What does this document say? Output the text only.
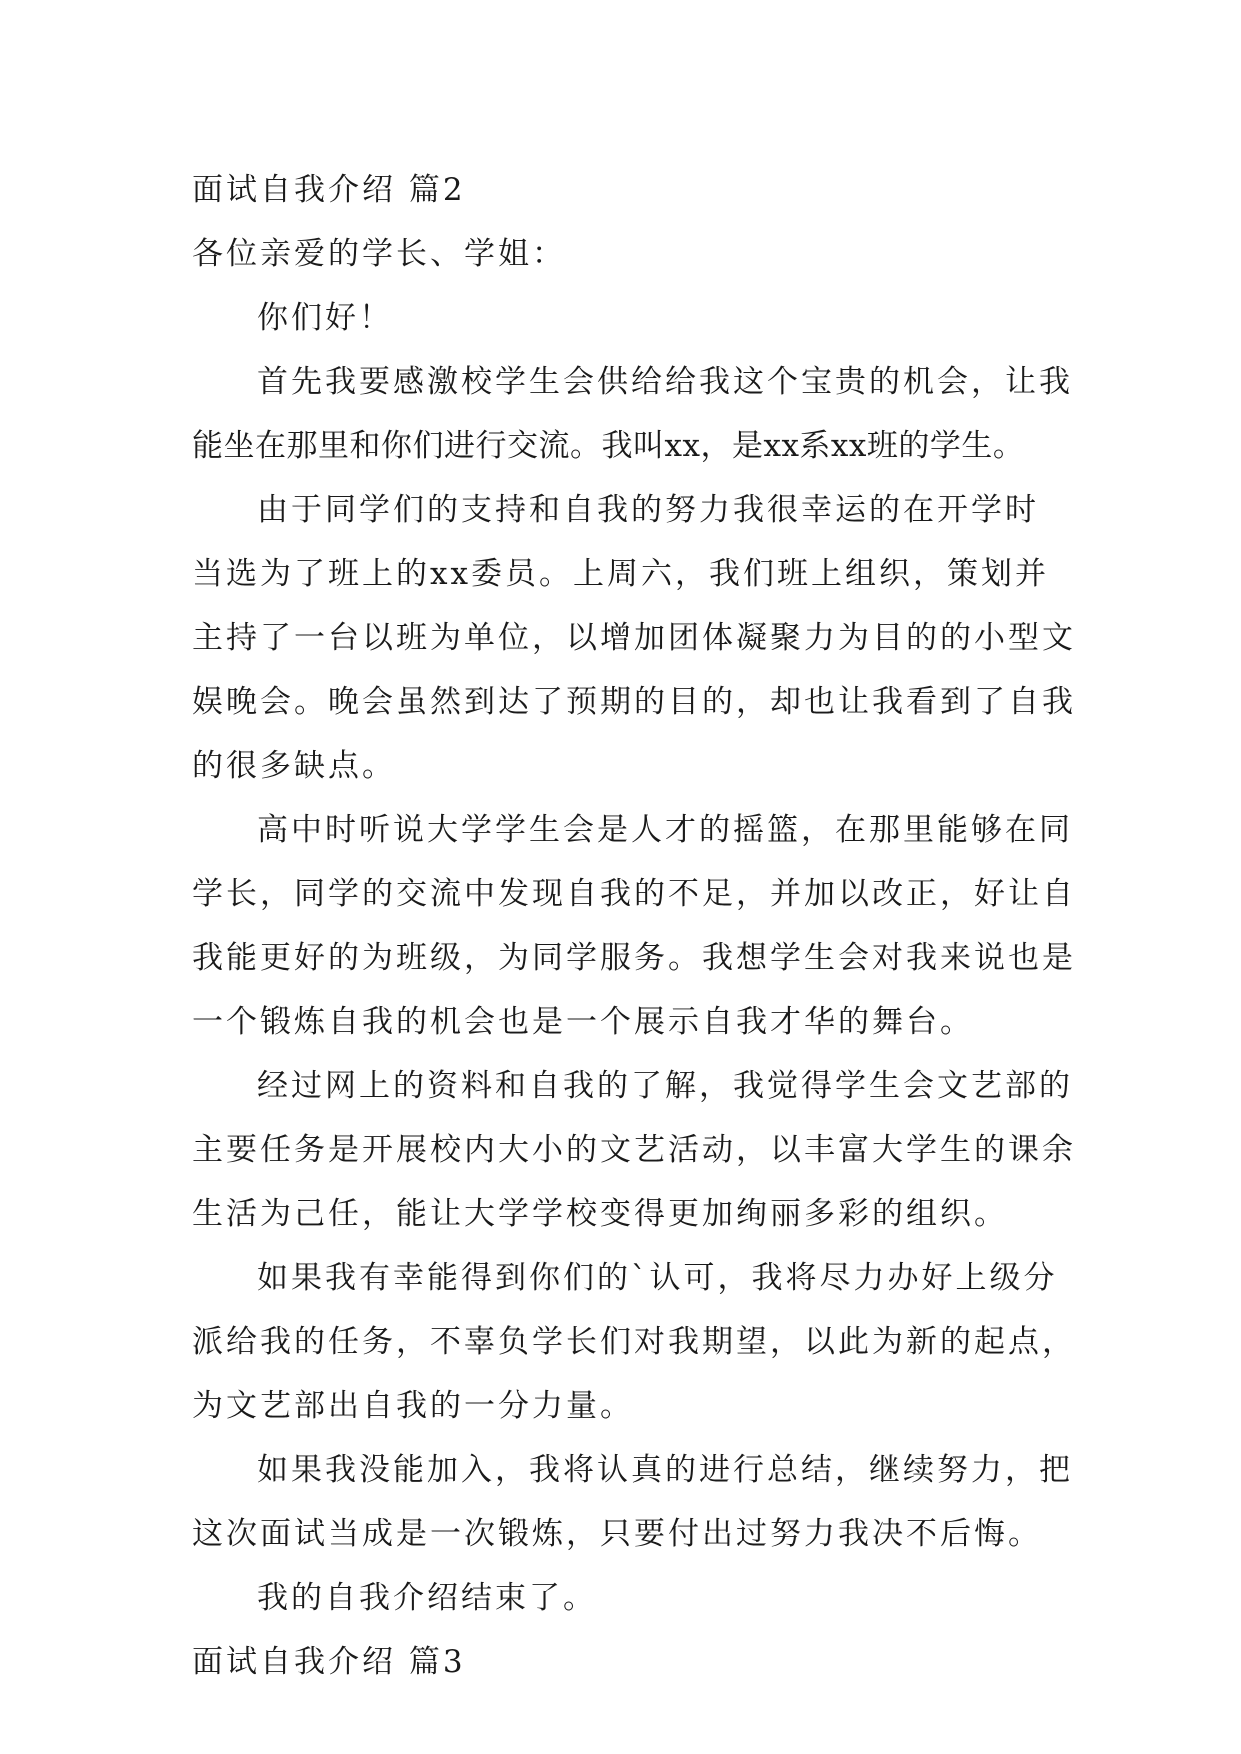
面试自我介绍 篇2
各位亲爱的学长、学姐：
你们好！
首先我要感激校学生会供给给我这个宝贵的机会，让我
能坐在那里和你们进行交流。我叫xx，是xx系xx班的学生。
由于同学们的支持和自我的努力我很幸运的在开学时
当选为了班上的xx委员。上周六，我们班上组织，策划并
主持了一台以班为单位，以增加团体凝聚力为目的的小型文
娱晚会。晚会虽然到达了预期的目的，却也让我看到了自我
的很多缺点。
高中时听说大学学生会是人才的摇篮，在那里能够在同
学长，同学的交流中发现自我的不足，并加以改正，好让自
我能更好的为班级，为同学服务。我想学生会对我来说也是
一个锻炼自我的机会也是一个展示自我才华的舞台。
经过网上的资料和自我的了解，我觉得学生会文艺部的
主要任务是开展校内大小的文艺活动，以丰富大学生的课余
生活为己任，能让大学学校变得更加绚丽多彩的组织。
如果我有幸能得到你们的`认可，我将尽力办好上级分
派给我的任务，不辜负学长们对我期望，以此为新的起点，
为文艺部出自我的一分力量。
如果我没能加入，我将认真的进行总结，继续努力，把
这次面试当成是一次锻炼，只要付出过努力我决不后悔。
我的自我介绍结束了。
面试自我介绍 篇3
